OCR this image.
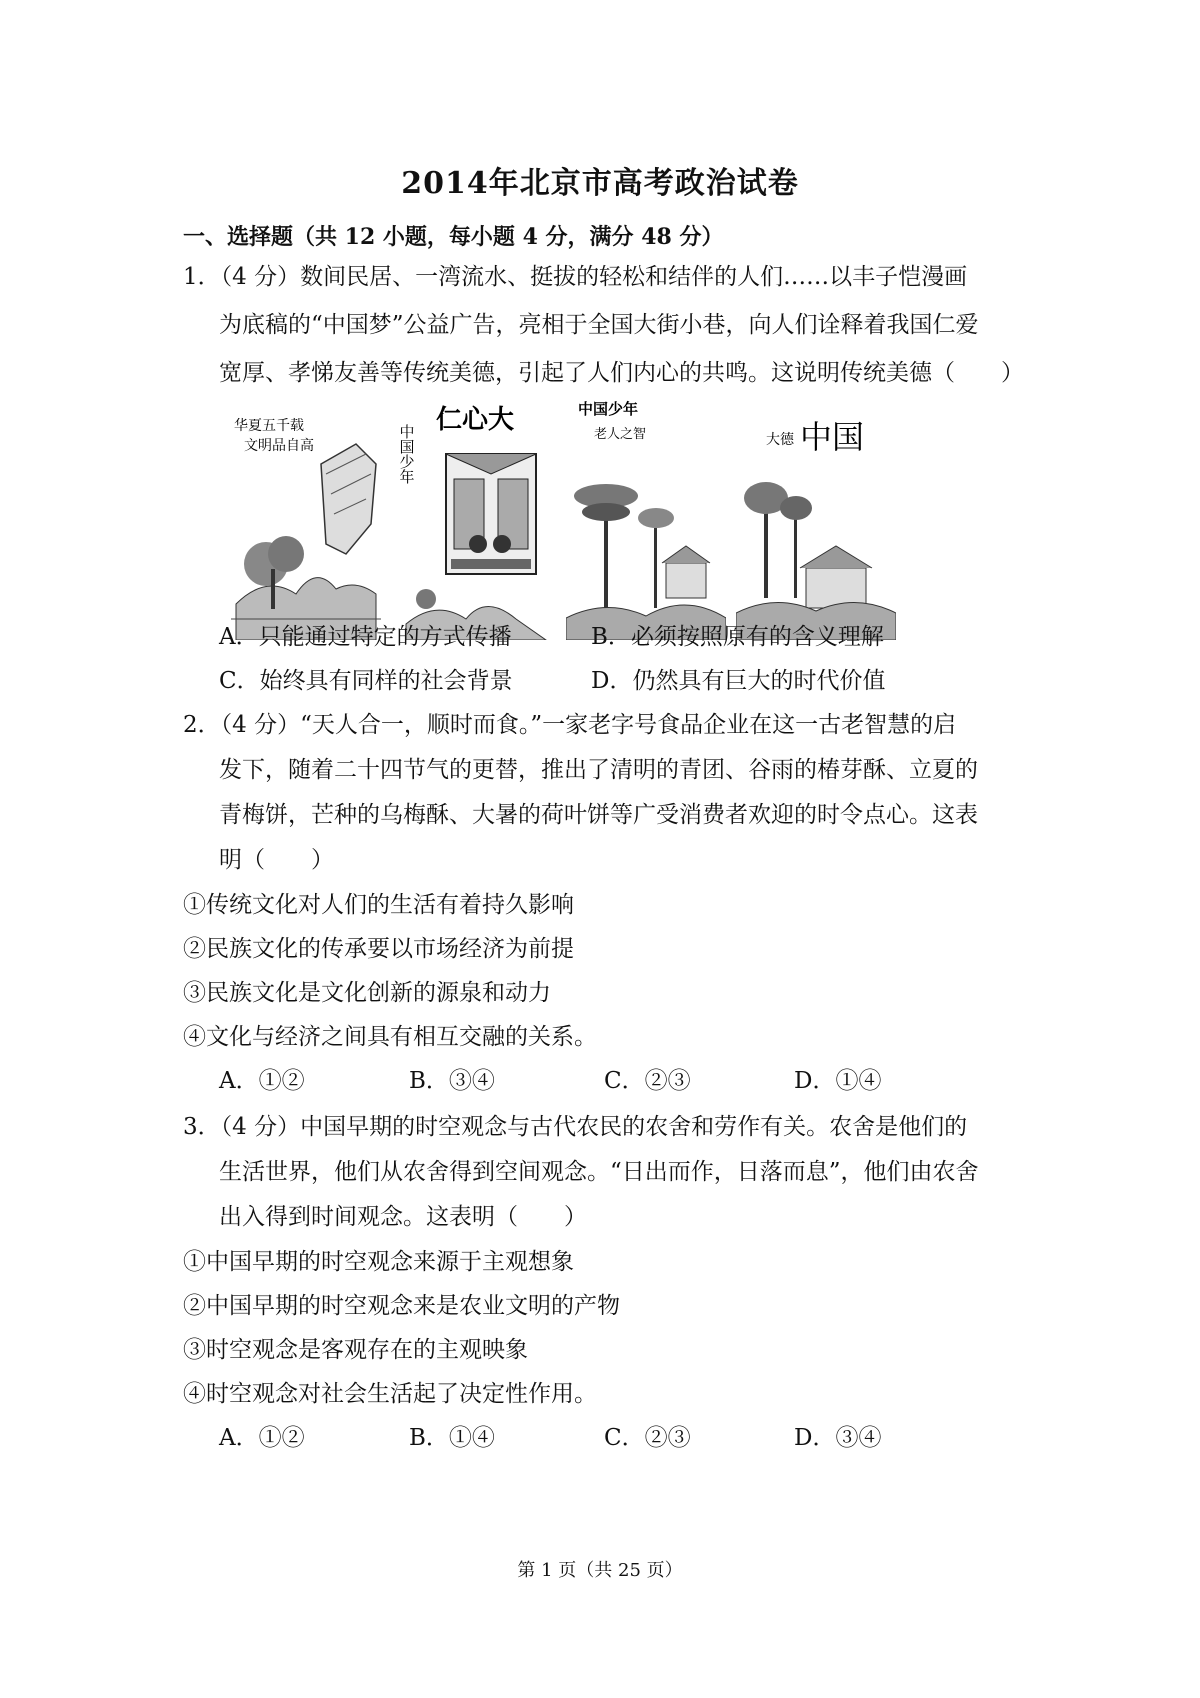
2014年北京市高考政治试卷
一、选择题（共 12 小题，每小题 4 分，满分 48 分）
1．（4 分）数间民居、一湾流水、挺拔的轻松和结伴的人们……以丰子恺漫画
为底稿的“中国梦”公益广告，亮相于全国大街小巷，向人们诠释着我国仁爱
宽厚、孝悌友善等传统美德，引起了人们内心的共鸣。这说明传统美德（　　）
华夏五千载
文明品自高	中国少年
仁心大	中国少年
老人之智	大德 中国
A．只能通过特定的方式传播	B．必须按照原有的含义理解
C．始终具有同样的社会背景	D．仍然具有巨大的时代价值
2．（4 分）“天人合一，顺时而食。”一家老字号食品企业在这一古老智慧的启
发下，随着二十四节气的更替，推出了清明的青团、谷雨的椿芽酥、立夏的
青梅饼，芒种的乌梅酥、大暑的荷叶饼等广受消费者欢迎的时令点心。这表
明（　　）
①传统文化对人们的生活有着持久影响
②民族文化的传承要以市场经济为前提
③民族文化是文化创新的源泉和动力
④文化与经济之间具有相互交融的关系。
A．①②	B．③④	C．②③	D．①④
3．（4 分）中国早期的时空观念与古代农民的农舍和劳作有关。农舍是他们的
生活世界，他们从农舍得到空间观念。“日出而作，日落而息”，他们由农舍
出入得到时间观念。这表明（　　）
①中国早期的时空观念来源于主观想象
②中国早期的时空观念来是农业文明的产物
③时空观念是客观存在的主观映象
④时空观念对社会生活起了决定性作用。
A．①②	B．①④	C．②③	D．③④
第 1 页（共 25 页）
